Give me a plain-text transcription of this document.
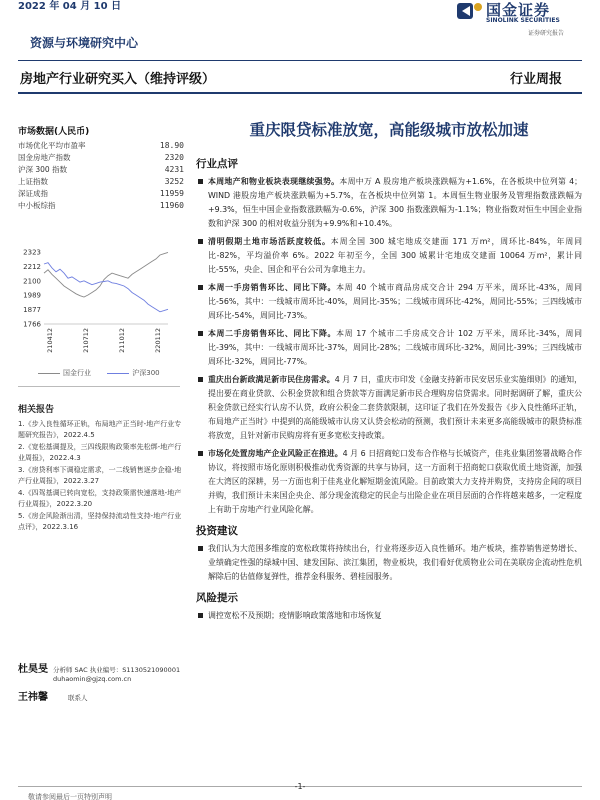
2022 年 04 月 10 日	国金证券
SINOLINK SECURITIES
证券研究报告
资源与环境研究中心
房地产行业研究买入（维持评级）	行业周报
市场数据(人民币)
市场优化平均市盈率	18.90
国金房地产指数	2320
沪深 300 指数	4231
上证指数	3252
深证成指	11959
中小板综指	11960
2323
2212
2100
1989
1877
1766
210412	210712	211012	220112
国金行业	沪深300
相关报告
1.《步入良性循环正轨，布局地产正当时-地产行业专题研究报告》，2022.4.5
2.《宽松基调提及，三四线限购政策率先松绑-地产行业周报》，2022.4.3
3.《房贷利率下调稳定需求，一二线销售逐步企稳-地产行业周报》，2022.3.27
4.《四驾基调已转向宽松，支持政策需快速落地-地产行业周报》，2022.3.20
5.《房企风险渐出清，坚持保持流动性支持-地产行业点评》，2022.3.16
杜昊旻 分析师 SAC 执业编号：S1130521090001 duhaomin@gjzq.com.cn
王祎馨	联系人
重庆限贷标准放宽，高能级城市放松加速
行业点评
本周地产和物业板块表现继续强势。本周中万 A 股房地产板块涨跌幅为+1.6%，在各板块中位列第 4；WIND 港股房地产板块涨跌幅为+5.7%，在各板块中位列第 1。本周恒生物业服务及管理指数涨跌幅为+9.3%，恒生中国企业指数涨跌幅为-0.6%，沪深 300 指数涨跌幅为-1.1%；物业指数对恒生中国企业指数和沪深 300 的相对收益分别为+9.9%和+10.4%。
清明假期土地市场活跃度较低。本周全国 300 城宅地成交建面 171 万m²，周环比-84%，年周同比-82%，平均溢价率 6%。2022 年初至今，全国 300 城累计宅地成交建面 10064 万m²，累计同比-55%，央企、国企和平台公司为拿地主力。
本周一手房销售环比、同比下降。本周 40 个城市商品房成交合计 294 万平米，周环比-43%，周同比-56%，其中：一线城市周环比-40%，周同比-35%；二线城市周环比-42%，周同比-55%；三四线城市周环比-54%，周同比-73%。
本周二手房销售环比、同比下降。本周 17 个城市二手房成交合计 102 万平米，周环比-34%，周同比-39%，其中：一线城市周环比-37%，周同比-28%；二线城市周环比-32%，周同比-39%；三四线城市周环比-32%，周同比-77%。
重庆出台新政满足新市民住房需求。4 月 7 日，重庆市印发《金融支持新市民安居乐业实施细则》的通知，提出要在商业贷款、公积金贷款和组合贷款等方面满足新市民合理购房信贷需求。同时据调研了解，重庆公积金贷款已经实行认房不认贷，政府公积金二套贷款限制，这印证了我们在外发报告《步入良性循环正轨，布局地产正当时》中提到的高能级城市认房又认贷会松动的预测，我们预计未来更多高能级城市的限贷标准将放宽，且针对新市民购房将有更多宽松支持政策。
市场化处置房地产企业风险正在推进。4 月 6 日招商蛇口发布合作格与长城资产，佳兆业集团签署战略合作协议，将按照市场化原则积极推动优秀资源的共享与协同，这一方面利于招商蛇口获取优质土地资源，加强在大湾区的深耕，另一方面也利于佳兆业化解短期金流风险。目前政策大力支持并购贷，支持房企间的项目并购，我们预计未来国企央企、部分现金流稳定的民企与出险企业在项目层面的合作将越来越多，一定程度上有助于房地产行业风险化解。
投资建议
我们认为大范围多维度的宽松政策将持续出台，行业将逐步迈入良性循环。地产板块，推荐销售逆势增长、业绩确定性强的绿城中国、建发国际、滨江集团，物业板块，我们看好优质物业公司在美联房企流动性危机解除后的估值修复弹性，推荐金科服务、碧桂园服务。
风险提示
调控宽松不及预期；疫情影响政策落地和市场恢复
-1-
敬请参阅最后一页特别声明
